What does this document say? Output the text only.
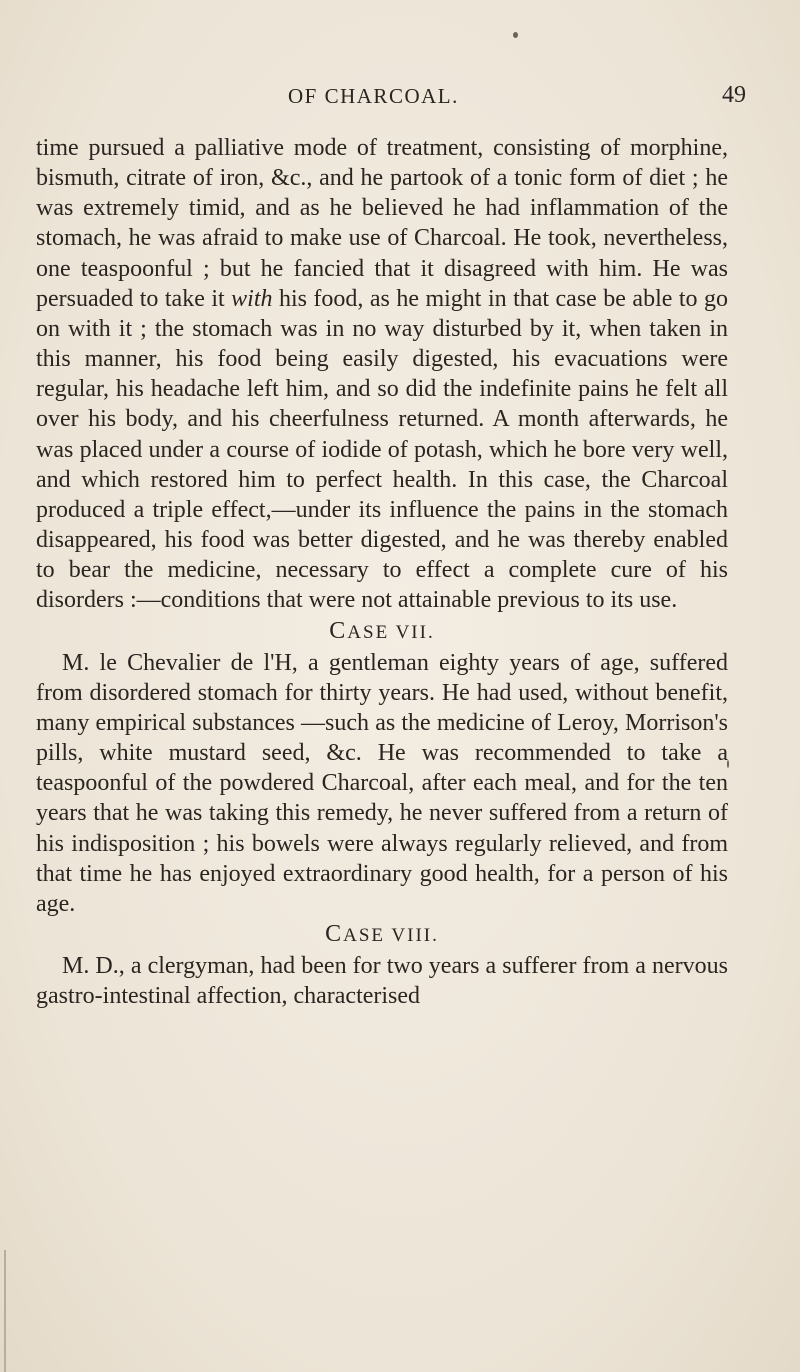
OF CHARCOAL.	49

time pursued a palliative mode of treatment, consisting of morphine, bismuth, citrate of iron, &c., and he partook of a tonic form of diet ; he was extremely timid, and as he believed he had inflammation of the stomach, he was afraid to make use of Charcoal. He took, nevertheless, one teaspoonful ; but he fancied that it disagreed with him. He was persuaded to take it with his food, as he might in that case be able to go on with it ; the stomach was in no way disturbed by it, when taken in this manner, his food being easily digested, his evacuations were regular, his headache left him, and so did the indefinite pains he felt all over his body, and his cheerfulness returned. A month afterwards, he was placed under a course of iodide of potash, which he bore very well, and which restored him to perfect health. In this case, the Charcoal produced a triple effect,—under its influence the pains in the stomach disappeared, his food was better digested, and he was thereby enabled to bear the medicine, necessary to effect a complete cure of his disorders :—conditions that were not attainable previous to its use.

CASE VII.

M. le Chevalier de l'H, a gentleman eighty years of age, suffered from disordered stomach for thirty years. He had used, without benefit, many empirical substances —such as the medicine of Leroy, Morrison's pills, white mustard seed, &c. He was recommended to take a teaspoonful of the powdered Charcoal, after each meal, and for the ten years that he was taking this remedy, he never suffered from a return of his indisposition ; his bowels were always regularly relieved, and from that time he has enjoyed extraordinary good health, for a person of his age.

CASE VIII.

M. D., a clergyman, had been for two years a sufferer from a nervous gastro-intestinal affection, characterised
